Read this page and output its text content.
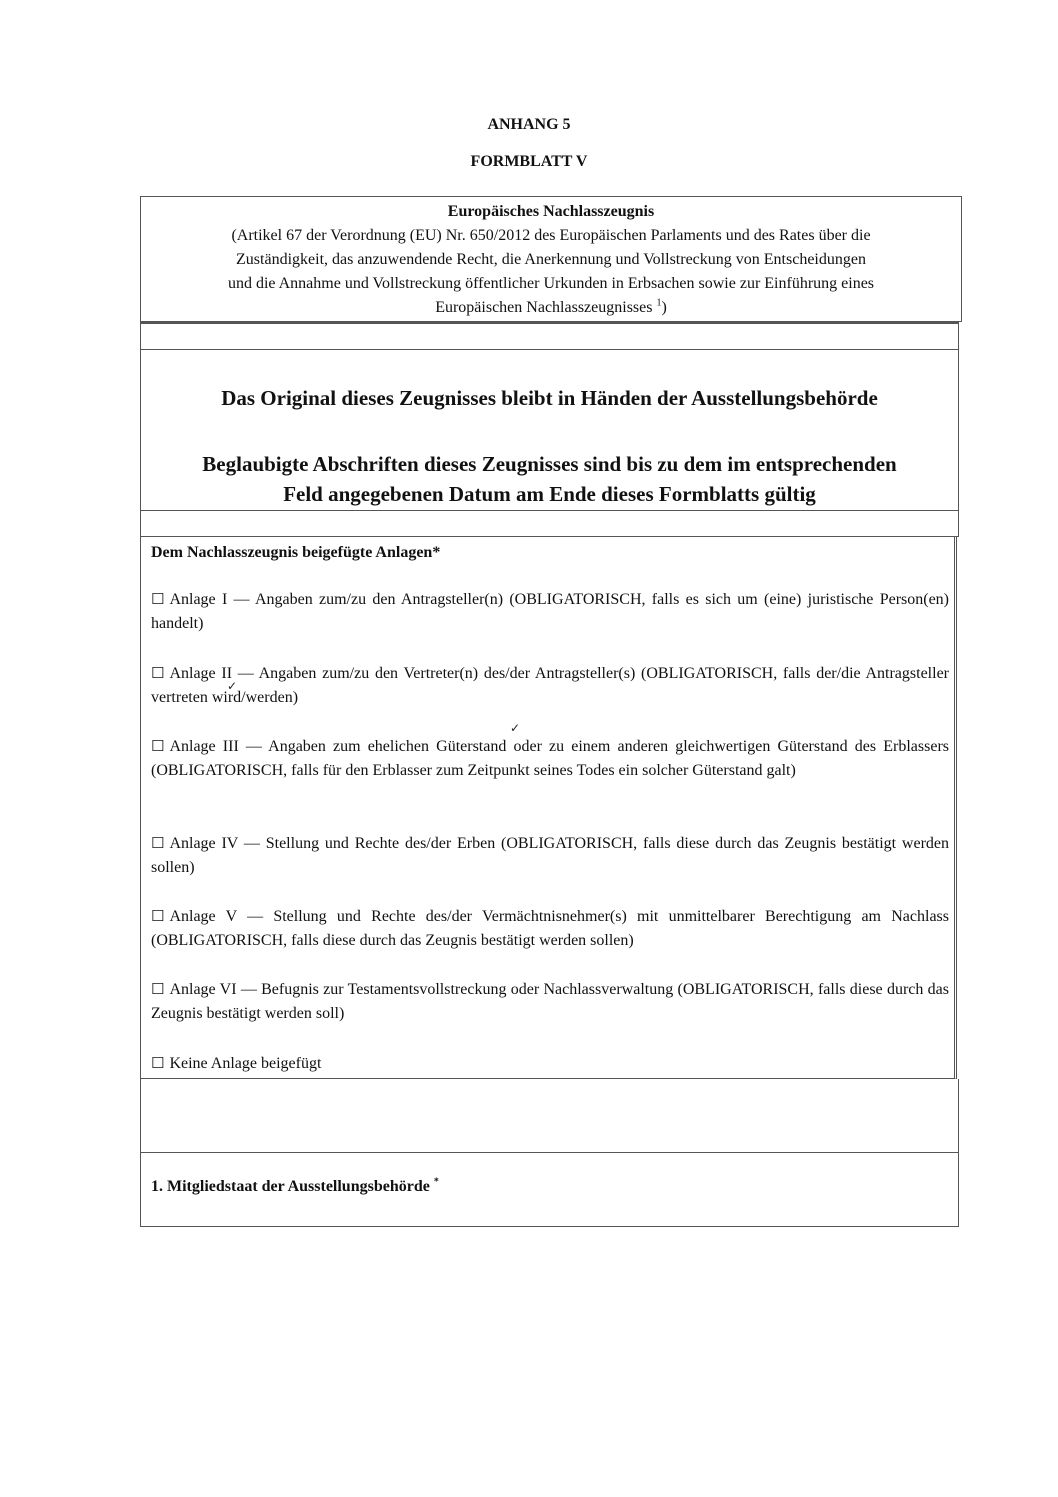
ANHANG 5
FORMBLATT V
Europäisches Nachlasszeugnis
(Artikel 67 der Verordnung (EU) Nr. 650/2012 des Europäischen Parlaments und des Rates über die
Zuständigkeit, das anzuwendende Recht, die Anerkennung und Vollstreckung von Entscheidungen
und die Annahme und Vollstreckung öffentlicher Urkunden in Erbsachen sowie zur Einführung eines
Europäischen Nachlasszeugnisses $^1$)
Das Original dieses Zeugnisses bleibt in Händen der Ausstellungsbehörde
Beglaubigte Abschriften dieses Zeugnisses sind bis zu dem im entsprechenden
Feld angegebenen Datum am Ende dieses Formblatts gültig
Dem Nachlasszeugnis beigefügte Anlagen*
☐ Anlage I — Angaben zum/zu den Antragsteller(n) (OBLIGATORISCH, falls es sich um (eine) juristische Person(en) handelt)
☐ Anlage II — Angaben zum/zu den Vertreter(n) des/der Antragsteller(s) (OBLIGATORISCH, falls der/die Antragsteller vertreten wird/werden)
✓
✓
☐ Anlage III — Angaben zum ehelichen Güterstand oder zu einem anderen gleichwertigen Güterstand des Erblassers (OBLIGATORISCH, falls für den Erblasser zum Zeitpunkt seines Todes ein solcher Güterstand galt)
☐ Anlage IV — Stellung und Rechte des/der Erben (OBLIGATORISCH, falls diese durch das Zeugnis bestätigt werden sollen)
☐ Anlage V — Stellung und Rechte des/der Vermächtnisnehmer(s) mit unmittelbarer Berechtigung am Nachlass (OBLIGATORISCH, falls diese durch das Zeugnis bestätigt werden sollen)
☐ Anlage VI — Befugnis zur Testamentsvollstreckung oder Nachlassverwaltung (OBLIGATORISCH, falls diese durch das Zeugnis bestätigt werden soll)
☐ Keine Anlage beigefügt
1. Mitgliedstaat der Ausstellungsbehörde *
